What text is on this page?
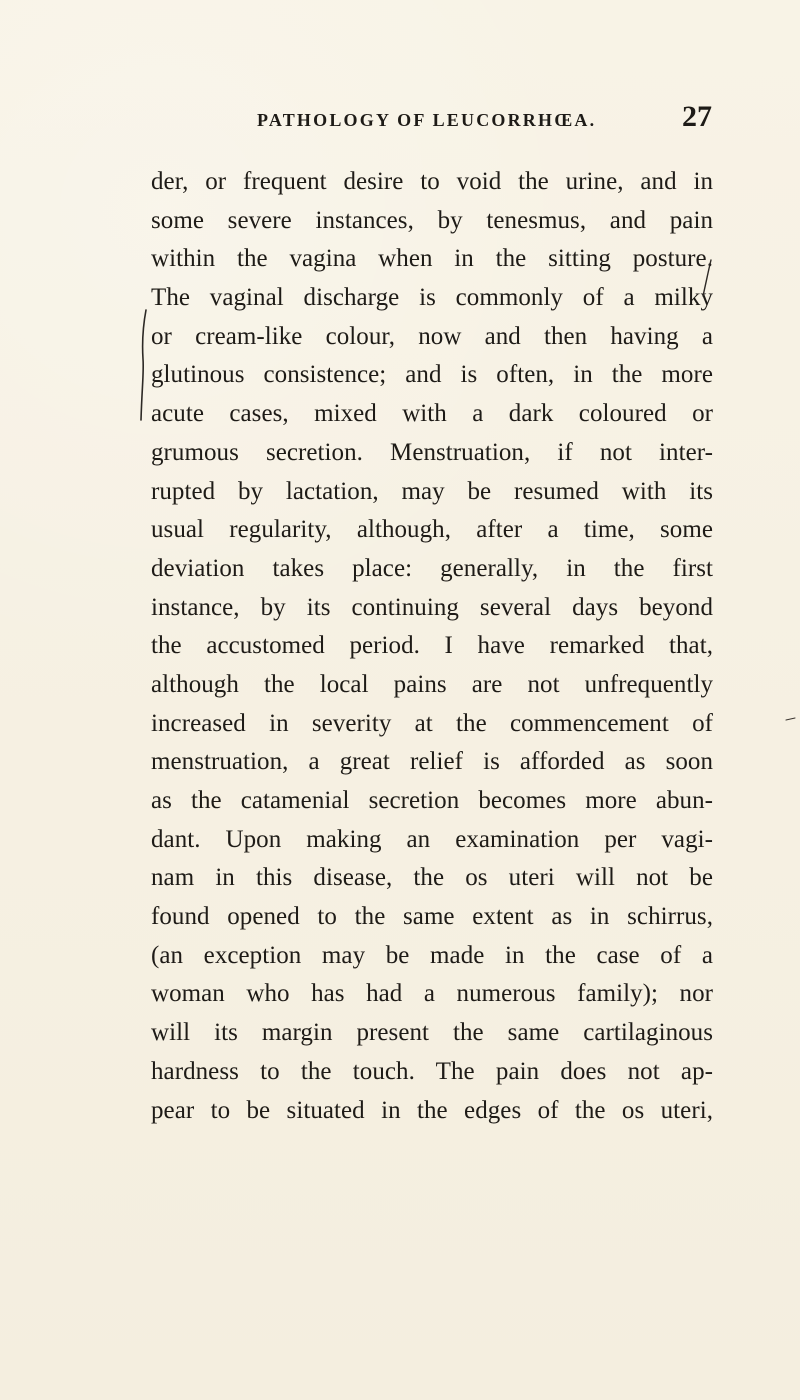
PATHOLOGY OF LEUCORRHŒA.	27
der, or frequent desire to void the urine, and in
some severe instances, by tenesmus, and pain
within the vagina when in the sitting posture.
The vaginal discharge is commonly of a milky
or cream-like colour, now and then having a
glutinous consistence; and is often, in the more
acute cases, mixed with a dark coloured or
grumous secretion. Menstruation, if not inter-
rupted by lactation, may be resumed with its
usual regularity, although, after a time, some
deviation takes place: generally, in the first
instance, by its continuing several days beyond
the accustomed period. I have remarked that,
although the local pains are not unfrequently
increased in severity at the commencement of
menstruation, a great relief is afforded as soon
as the catamenial secretion becomes more abun-
dant. Upon making an examination per vagi-
nam in this disease, the os uteri will not be
found opened to the same extent as in schirrus,
(an exception may be made in the case of a
woman who has had a numerous family); nor
will its margin present the same cartilaginous
hardness to the touch. The pain does not ap-
pear to be situated in the edges of the os uteri,
